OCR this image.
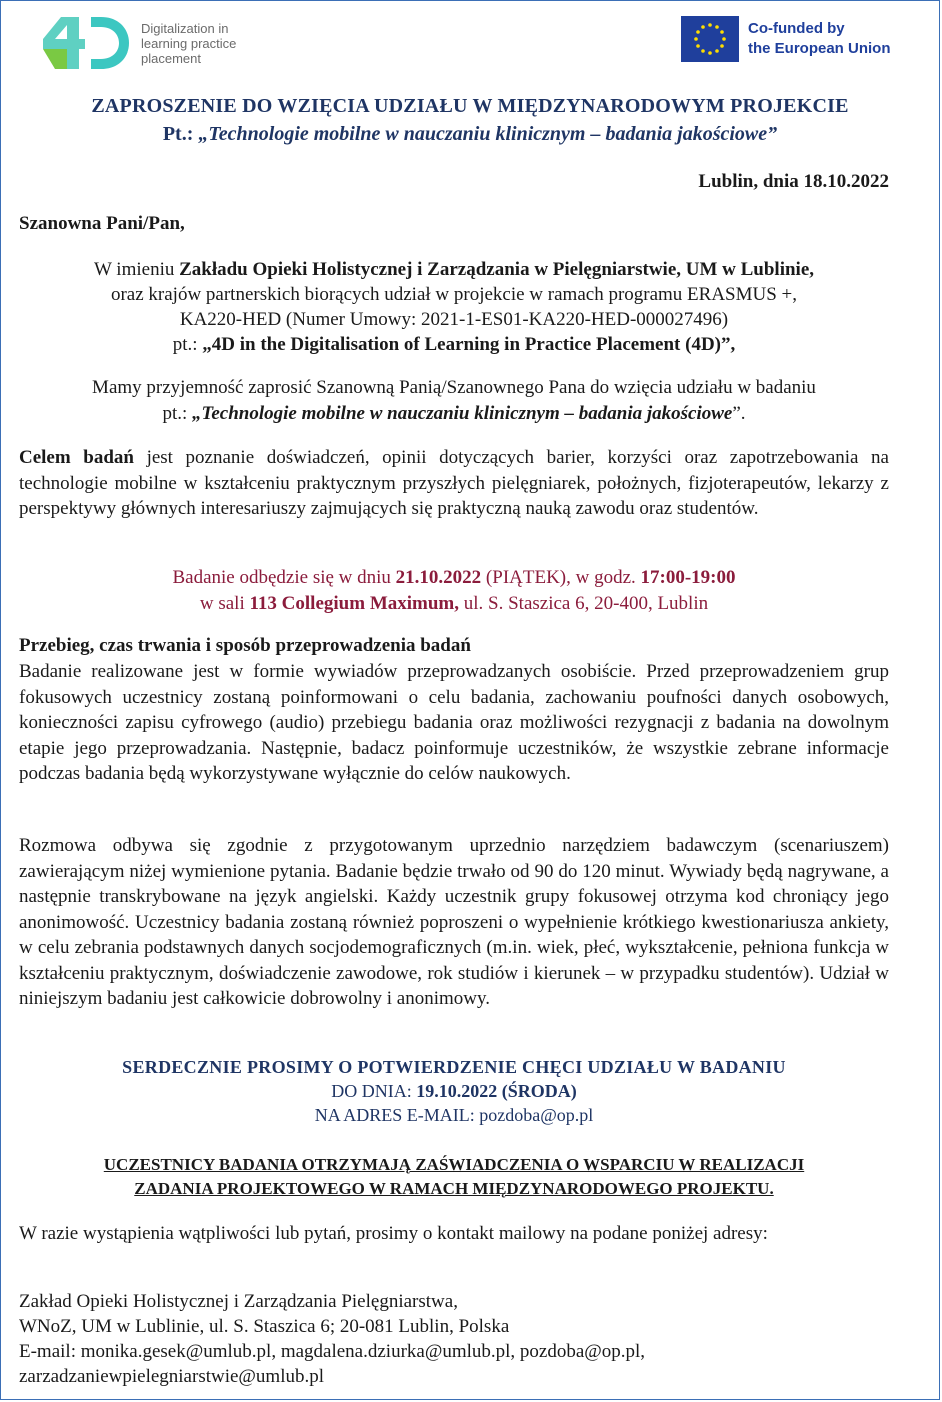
Digitalization in
learning practice
placement
Co-funded by
the European Union
ZAPROSZENIE DO WZIĘCIA UDZIAŁU W MIĘDZYNARODOWYM PROJEKCIE
Pt.: „Technologie mobilne w nauczaniu klinicznym – badania jakościowe”
Lublin, dnia 18.10.2022
Szanowna Pani/Pan,
W imieniu Zakładu Opieki Holistycznej i Zarządzania w Pielęgniarstwie, UM w Lublinie,
oraz krajów partnerskich biorących udział w projekcie w ramach programu ERASMUS +,
KA220-HED (Numer Umowy: 2021-1-ES01-KA220-HED-000027496)
pt.: „4D in the Digitalisation of Learning in Practice Placement (4D)”,
Mamy przyjemność zaprosić Szanowną Panią/Szanownego Pana do wzięcia udziału w badaniu
pt.: „Technologie mobilne w nauczaniu klinicznym – badania jakościowe”.
Celem badań jest poznanie doświadczeń, opinii dotyczących barier, korzyści oraz zapotrzebowania na technologie mobilne w kształceniu praktycznym przyszłych pielęgniarek, położnych, fizjoterapeutów, lekarzy z perspektywy głównych interesariuszy zajmujących się praktyczną nauką zawodu oraz studentów.
Badanie odbędzie się w dniu 21.10.2022 (PIĄTEK), w godz. 17:00-19:00
w sali 113 Collegium Maximum, ul. S. Staszica 6, 20-400, Lublin
Przebieg, czas trwania i sposób przeprowadzenia badań
Badanie realizowane jest w formie wywiadów przeprowadzanych osobiście. Przed przeprowadzeniem grup fokusowych uczestnicy zostaną poinformowani o celu badania, zachowaniu poufności danych osobowych, konieczności zapisu cyfrowego (audio) przebiegu badania oraz możliwości rezygnacji z badania na dowolnym etapie jego przeprowadzania. Następnie, badacz poinformuje uczestników, że wszystkie zebrane informacje podczas badania będą wykorzystywane wyłącznie do celów naukowych.
Rozmowa odbywa się zgodnie z przygotowanym uprzednio narzędziem badawczym (scenariuszem) zawierającym niżej wymienione pytania. Badanie będzie trwało od 90 do 120 minut. Wywiady będą nagrywane, a następnie transkrybowane na język angielski. Każdy uczestnik grupy fokusowej otrzyma kod chroniący jego anonimowość. Uczestnicy badania zostaną również poproszeni o wypełnienie krótkiego kwestionariusza ankiety, w celu zebrania podstawnych danych socjodemograficznych (m.in. wiek, płeć, wykształcenie, pełniona funkcja w kształceniu praktycznym, doświadczenie zawodowe, rok studiów i kierunek – w przypadku studentów). Udział w niniejszym badaniu jest całkowicie dobrowolny i anonimowy.
SERDECZNIE PROSIMY O POTWIERDZENIE CHĘCI UDZIAŁU W BADANIU
DO DNIA: 19.10.2022 (ŚRODA)
NA ADRES E-MAIL: pozdoba@op.pl
UCZESTNICY BADANIA OTRZYMAJĄ ZAŚWIADCZENIA O WSPARCIU W REALIZACJI
ZADANIA PROJEKTOWEGO W RAMACH MIĘDZYNARODOWEGO PROJEKTU.
W razie wystąpienia wątpliwości lub pytań, prosimy o kontakt mailowy na podane poniżej adresy:
Zakład Opieki Holistycznej i Zarządzania Pielęgniarstwa,
WNoZ, UM w Lublinie, ul. S. Staszica 6; 20-081 Lublin, Polska
E-mail: monika.gesek@umlub.pl, magdalena.dziurka@umlub.pl, pozdoba@op.pl,
zarzadzaniewpielegniarstwie@umlub.pl
